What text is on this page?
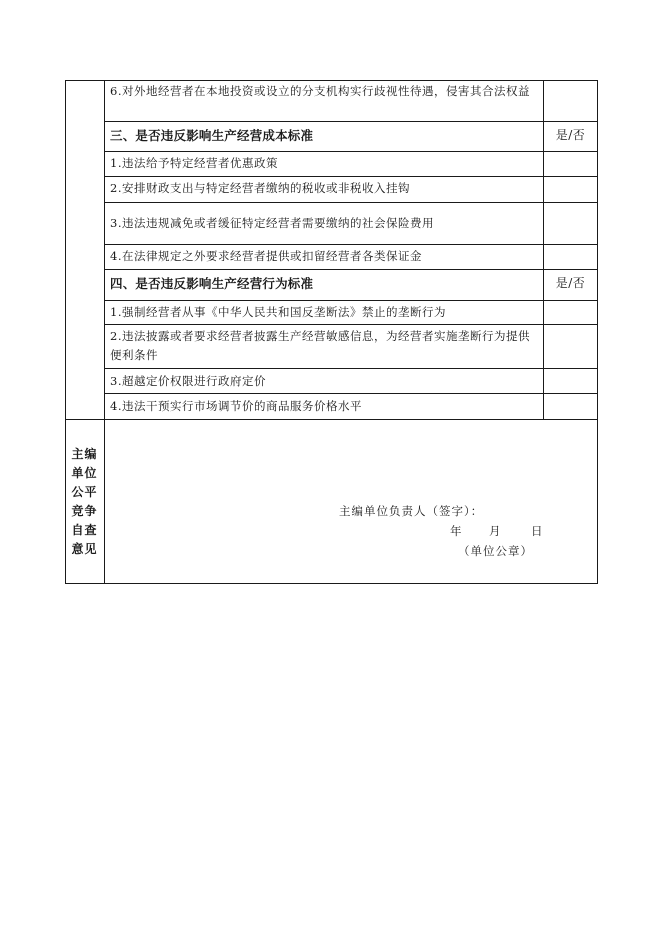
6.对外地经营者在本地投资或设立的分支机构实行歧视性待遇，侵害其合法权益
三、是否违反影响生产经营成本标准	是/否
1.违法给予特定经营者优惠政策
2.安排财政支出与特定经营者缴纳的税收或非税收入挂钩
3.违法违规减免或者缓征特定经营者需要缴纳的社会保险费用
4.在法律规定之外要求经营者提供或扣留经营者各类保证金
四、是否违反影响生产经营行为标准	是/否
1.强制经营者从事《中华人民共和国反垄断法》禁止的垄断行为
2.违法披露或者要求经营者披露生产经营敏感信息，为经营者实施垄断行为提供便利条件
3.超越定价权限进行政府定价
4.违法干预实行市场调节价的商品服务价格水平
主编
单位
公平
竞争
自查
意见
主编单位负责人（签字）：
年 月	日
（单位公章）
